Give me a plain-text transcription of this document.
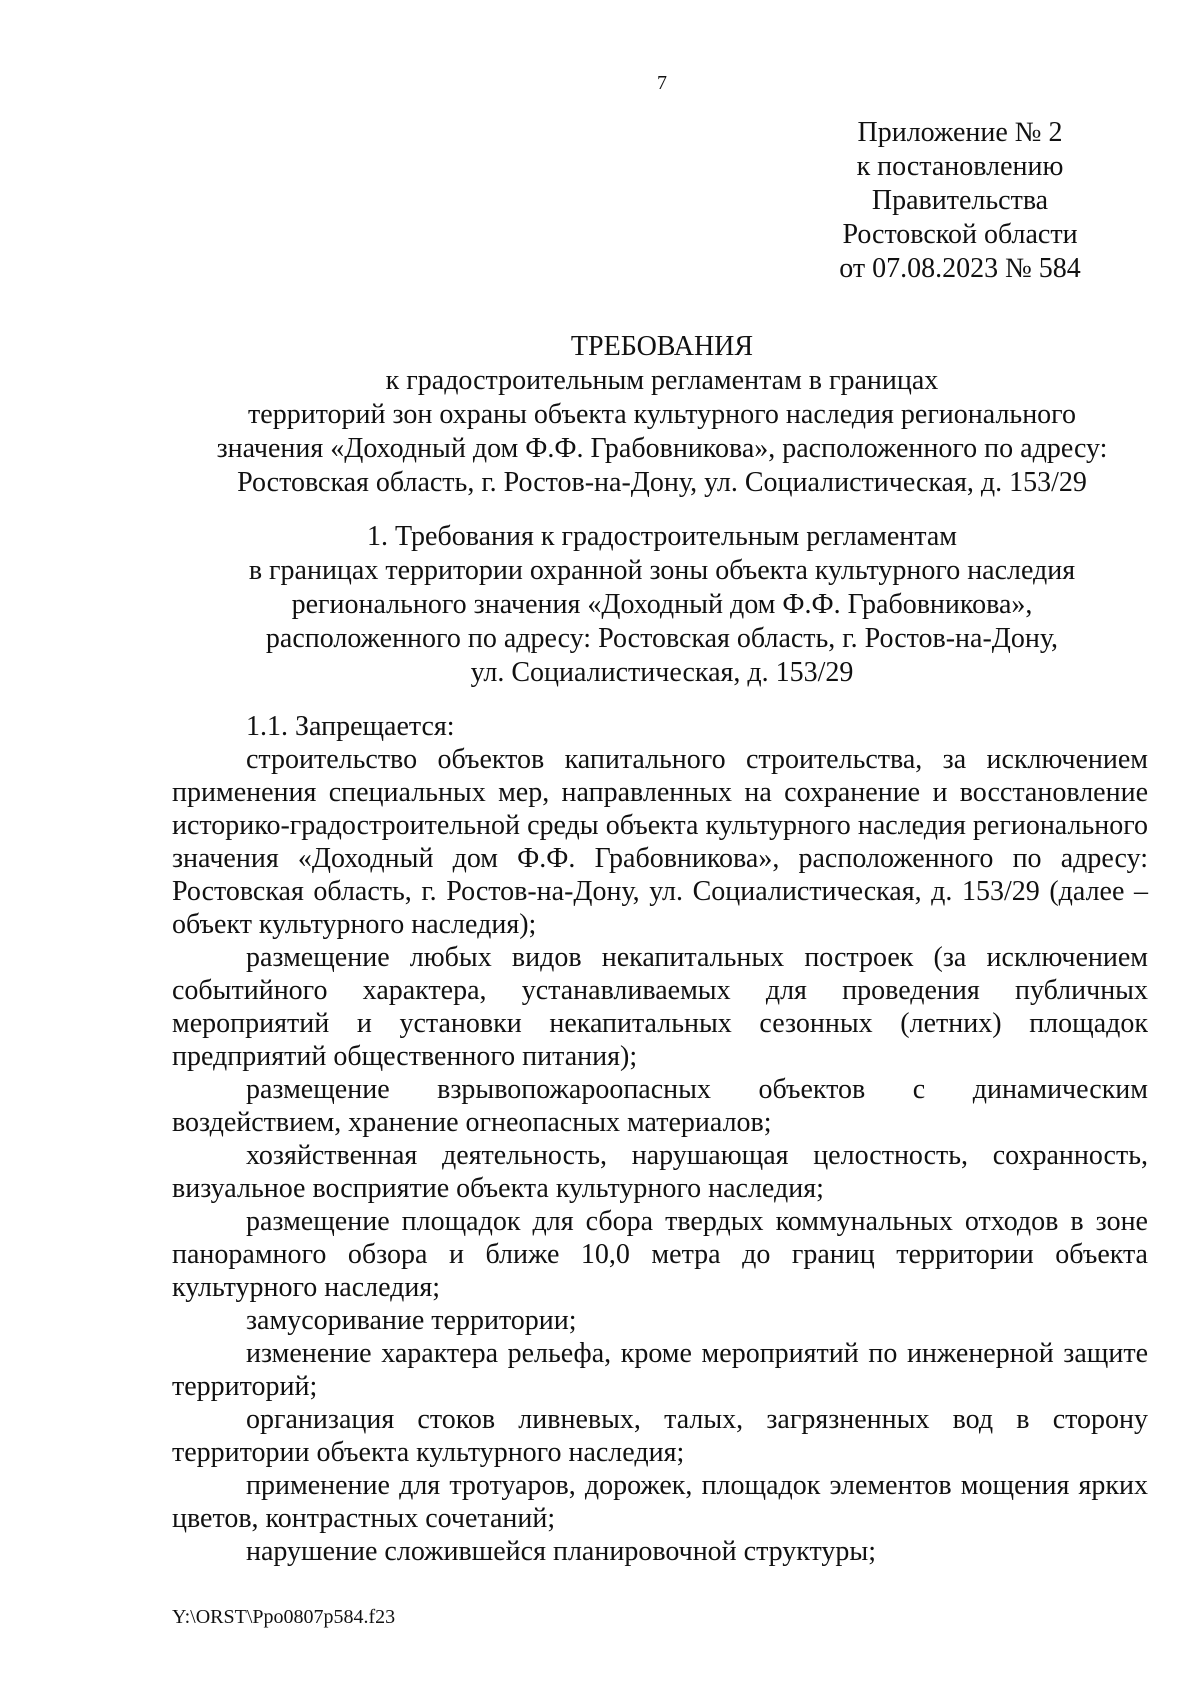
7
Приложение № 2
к постановлению
Правительства
Ростовской области
от 07.08.2023 № 584
ТРЕБОВАНИЯ
к градостроительным регламентам в границах
территорий зон охраны объекта культурного наследия регионального
значения «Доходный дом Ф.Ф. Грабовникова», расположенного по адресу:
Ростовская область, г. Ростов-на-Дону, ул. Социалистическая, д. 153/29
1. Требования к градостроительным регламентам
в границах территории охранной зоны объекта культурного наследия
регионального значения «Доходный дом Ф.Ф. Грабовникова»,
расположенного по адресу: Ростовская область, г. Ростов-на-Дону,
ул. Социалистическая, д. 153/29

1.1. Запрещается:

строительство объектов капитального строительства, за исключением применения специальных мер, направленных на сохранение и восстановление историко-градостроительной среды объекта культурного наследия регионального значения «Доходный дом Ф.Ф. Грабовникова», расположенного по адресу: Ростовская область, г. Ростов-на-Дону, ул. Социалистическая, д. 153/29 (далее – объект культурного наследия);

размещение любых видов некапитальных построек (за исключением событийного характера, устанавливаемых для проведения публичных мероприятий и установки некапитальных сезонных (летних) площадок предприятий общественного питания);

размещение взрывопожароопасных объектов с динамическим воздействием, хранение огнеопасных материалов;

хозяйственная деятельность, нарушающая целостность, сохранность, визуальное восприятие объекта культурного наследия;

размещение площадок для сбора твердых коммунальных отходов в зоне панорамного обзора и ближе 10,0 метра до границ территории объекта культурного наследия;

замусоривание территории;

изменение характера рельефа, кроме мероприятий по инженерной защите территорий;

организация стоков ливневых, талых, загрязненных вод в сторону территории объекта культурного наследия;

применение для тротуаров, дорожек, площадок элементов мощения ярких цветов, контрастных сочетаний;

нарушение сложившейся планировочной структуры;

Y:\ORST\Ppo0807p584.f23
